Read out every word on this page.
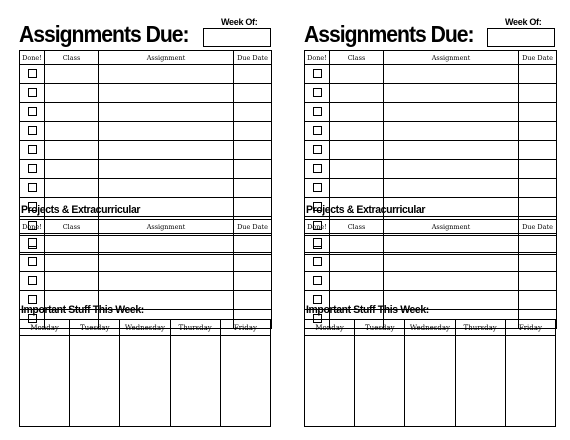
Assignments Due:	Week Of:
Done!	Class	Assignment	Due Date

Projects & Extracurricular
Done!	Class	Assignment	Due Date

Important Stuff This Week:
Monday	Tuesday	Wednesday	Thursday	Friday

Assignments Due:	Week Of:
Done!	Class	Assignment	Due Date

Projects & Extracurricular
Done!	Class	Assignment	Due Date

Important Stuff This Week:
Monday	Tuesday	Wednesday	Thursday	Friday
